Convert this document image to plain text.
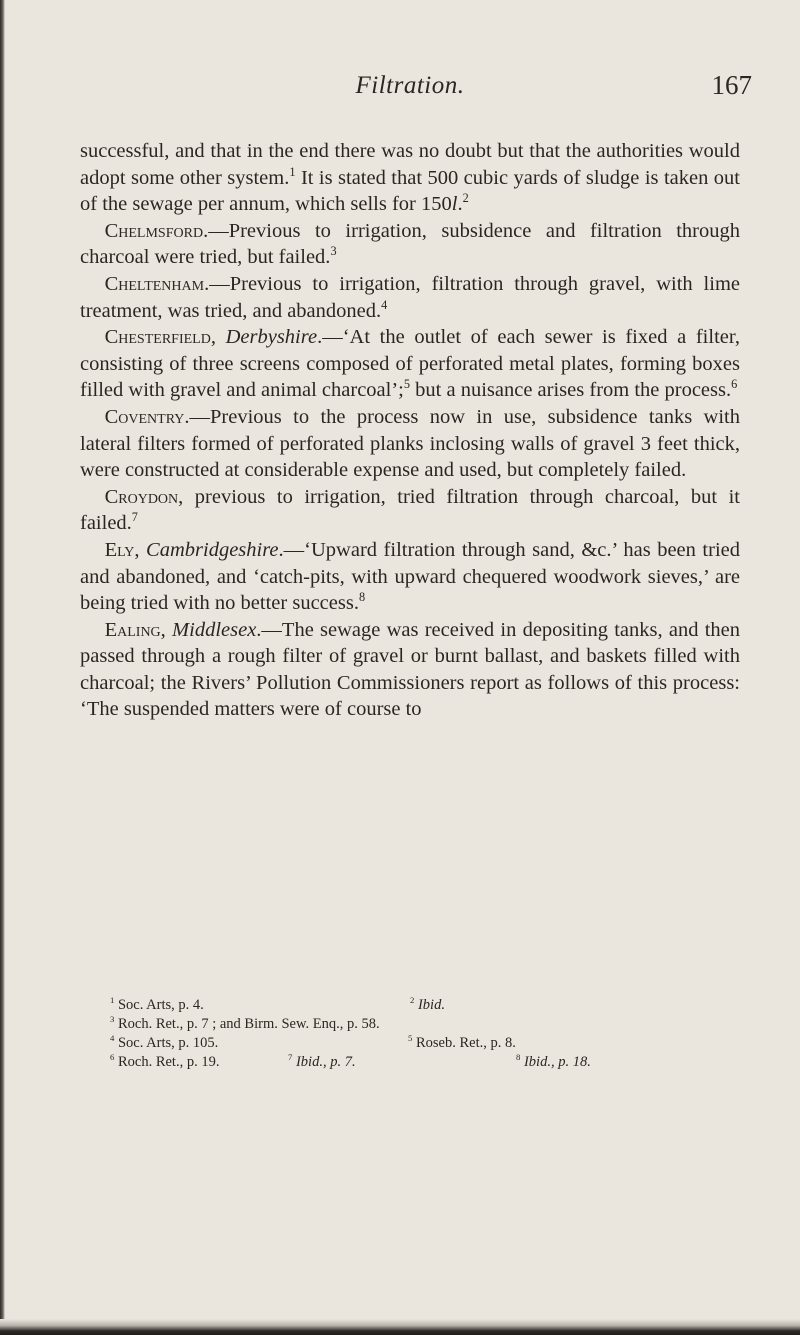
Filtration.	167

successful, and that in the end there was no doubt but that the authorities would adopt some other system.$^1$ It is stated that 500 cubic yards of sludge is taken out of the sewage per annum, which sells for 150l.$^2$

Chelmsford.—Previous to irrigation, subsidence and filtration through charcoal were tried, but failed.$^3$

Cheltenham.—Previous to irrigation, filtration through gravel, with lime treatment, was tried, and abandoned.$^4$

Chesterfield, Derbyshire.—‘At the outlet of each sewer is fixed a filter, consisting of three screens composed of perforated metal plates, forming boxes filled with gravel and animal charcoal’;$^5$ but a nuisance arises from the process.$^6$

Coventry.—Previous to the process now in use, subsidence tanks with lateral filters formed of perforated planks inclosing walls of gravel 3 feet thick, were constructed at considerable expense and used, but completely failed.

Croydon, previous to irrigation, tried filtration through charcoal, but it failed.$^7$

Ely, Cambridgeshire.—‘Upward filtration through sand, &c.’ has been tried and abandoned, and ‘catch-pits, with upward chequered woodwork sieves,’ are being tried with no better success.$^8$

Ealing, Middlesex.—The sewage was received in depositing tanks, and then passed through a rough filter of gravel or burnt ballast, and baskets filled with charcoal; the Rivers’ Pollution Commissioners report as follows of this process: ‘The suspended matters were of course to

$^1$ Soc. Arts, p. 4.	$^2$ Ibid.
$^3$ Roch. Ret., p. 7 ; and Birm. Sew. Enq., p. 58.
$^4$ Soc. Arts, p. 105.	$^5$ Roseb. Ret., p. 8.
$^6$ Roch. Ret., p. 19.	$^7$ Ibid., p. 7.	$^8$ Ibid., p. 18.
